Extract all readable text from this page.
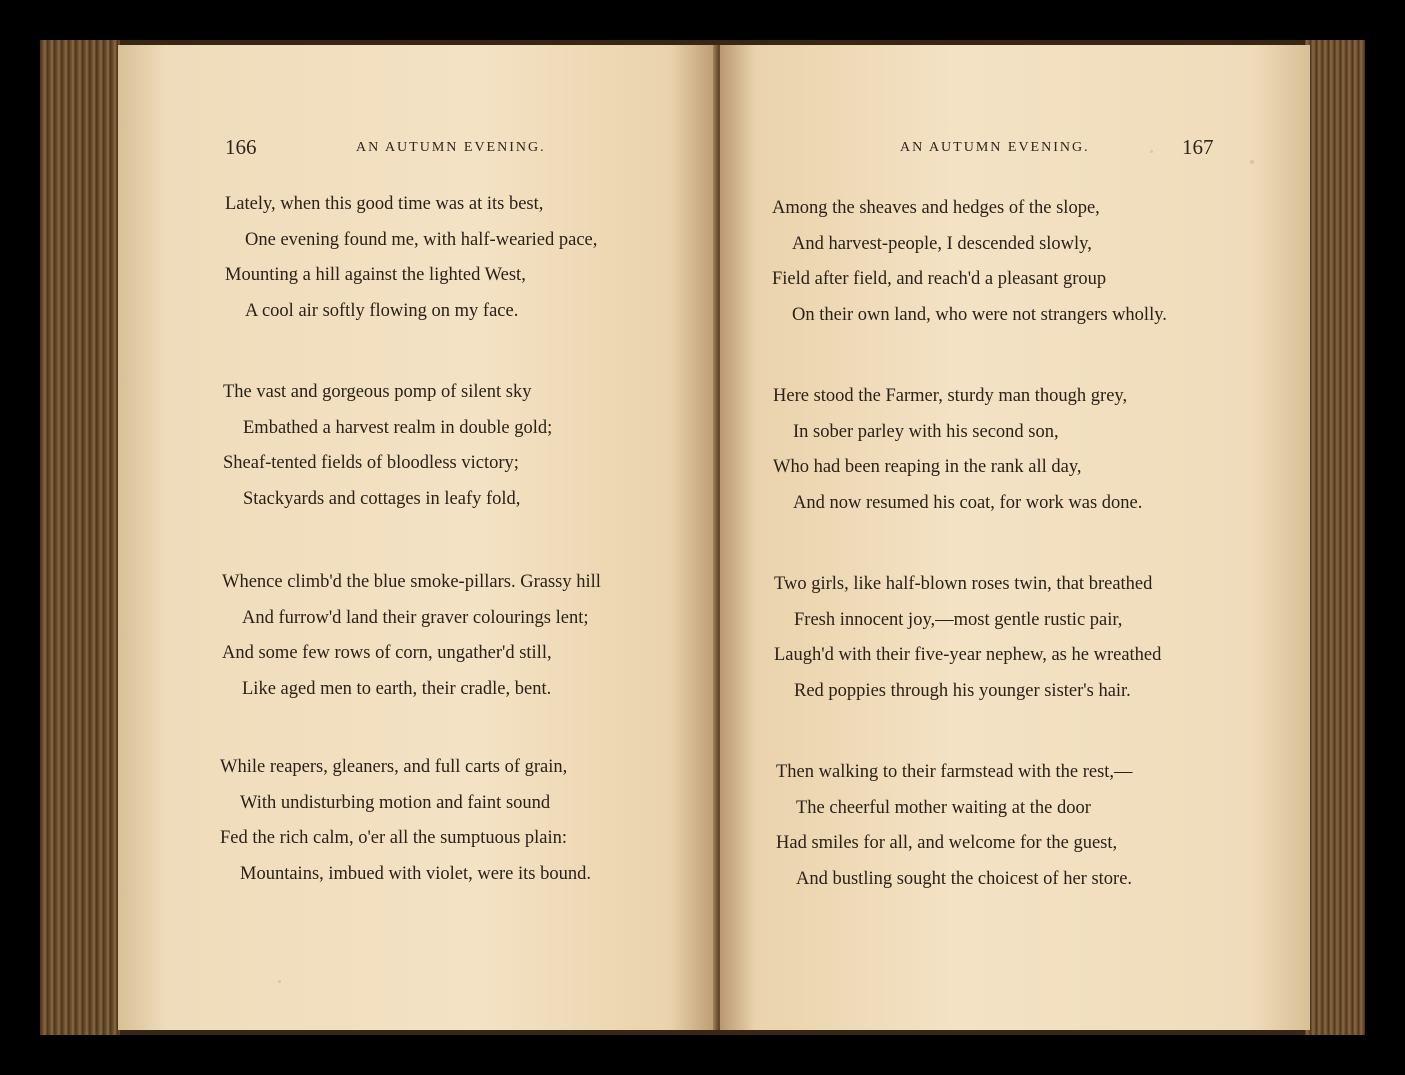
166	AN AUTUMN EVENING.
Lately, when this good time was at its best,
One evening found me, with half-wearied pace,
Mounting a hill against the lighted West,
A cool air softly flowing on my face.
The vast and gorgeous pomp of silent sky
Embathed a harvest realm in double gold;
Sheaf-tented fields of bloodless victory;
Stackyards and cottages in leafy fold,
Whence climb'd the blue smoke-pillars. Grassy hill
And furrow'd land their graver colourings lent;
And some few rows of corn, ungather'd still,
Like aged men to earth, their cradle, bent.
While reapers, gleaners, and full carts of grain,
With undisturbing motion and faint sound
Fed the rich calm, o'er all the sumptuous plain:
Mountains, imbued with violet, were its bound.
AN AUTUMN EVENING.	167
Among the sheaves and hedges of the slope,
And harvest-people, I descended slowly,
Field after field, and reach'd a pleasant group
On their own land, who were not strangers wholly.
Here stood the Farmer, sturdy man though grey,
In sober parley with his second son,
Who had been reaping in the rank all day,
And now resumed his coat, for work was done.
Two girls, like half-blown roses twin, that breathed
Fresh innocent joy,—most gentle rustic pair,
Laugh'd with their five-year nephew, as he wreathed
Red poppies through his younger sister's hair.
Then walking to their farmstead with the rest,—
The cheerful mother waiting at the door
Had smiles for all, and welcome for the guest,
And bustling sought the choicest of her store.
